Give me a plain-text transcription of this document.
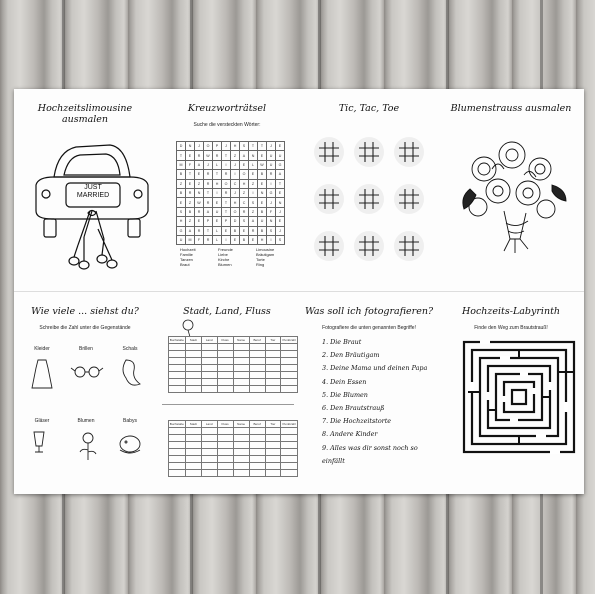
Hochzeitslimousine ausmalen
JUST
MARRIED
Kreuzworträtsel
Suche die versteckten Wörter:
D	N	J	O	P	J	H	S	T	T	J	E
T	E	R	W	R	T	Z	A	N	E	U	U
M	F	A	J	L	I	J	E	L	W	U	G
B	T	E	R	T	R	I	O	E	B	R	A
Z	E	Z	R	H	O	C	H	Z	E	I	T
B	R	N	T	I	R	J	Z	I	N	G	E
E	Z	W	R	E	T	H	C	S	E	J	N
S	B	R	A	U	T	O	R	Z	B	F	J
H	Z	E	P	E	P	D	S	A	U	N	E
G	A	R	T	L	E	B	E	R	B	S	J
U	M	F	R	L	I	E	B	E	H	I	S
Hochzeit
Familie
Tanzen
Braut
Freunde
Liebe
Kirche
Blumen
Limousine
Bräutigam
Torte
Ring
Tic, Tac, Toe	Blumenstrauss ausmalen
Wie viele ... siehst du?
Schreibe die Zahl unter die Gegenstände
Kleider	Brillen	Schals
Gläser	Blumen	Babys
Stadt, Land, Fluss
Buchstabe	Stadt	Land	Fluss	Name	Beruf	Tier	Punktzahl

Buchstabe	Stadt	Land	Fluss	Name	Beruf	Tier	Punktzahl

Was soll ich fotografieren?
Fotografiere die unten genannten Begriffe!
1. Die Braut
2. Den Bräutigam
3. Deine Mama und deinen Papa
4. Dein Essen
5. Die Blumen
6. Den Brautstrauß
7. Die Hochzeitstorte
8. Andere Kinder
9. Alles was dir sonst noch so einfällt
Hochzeits-Labyrinth
Finde den Weg zum Brautstrauß!
